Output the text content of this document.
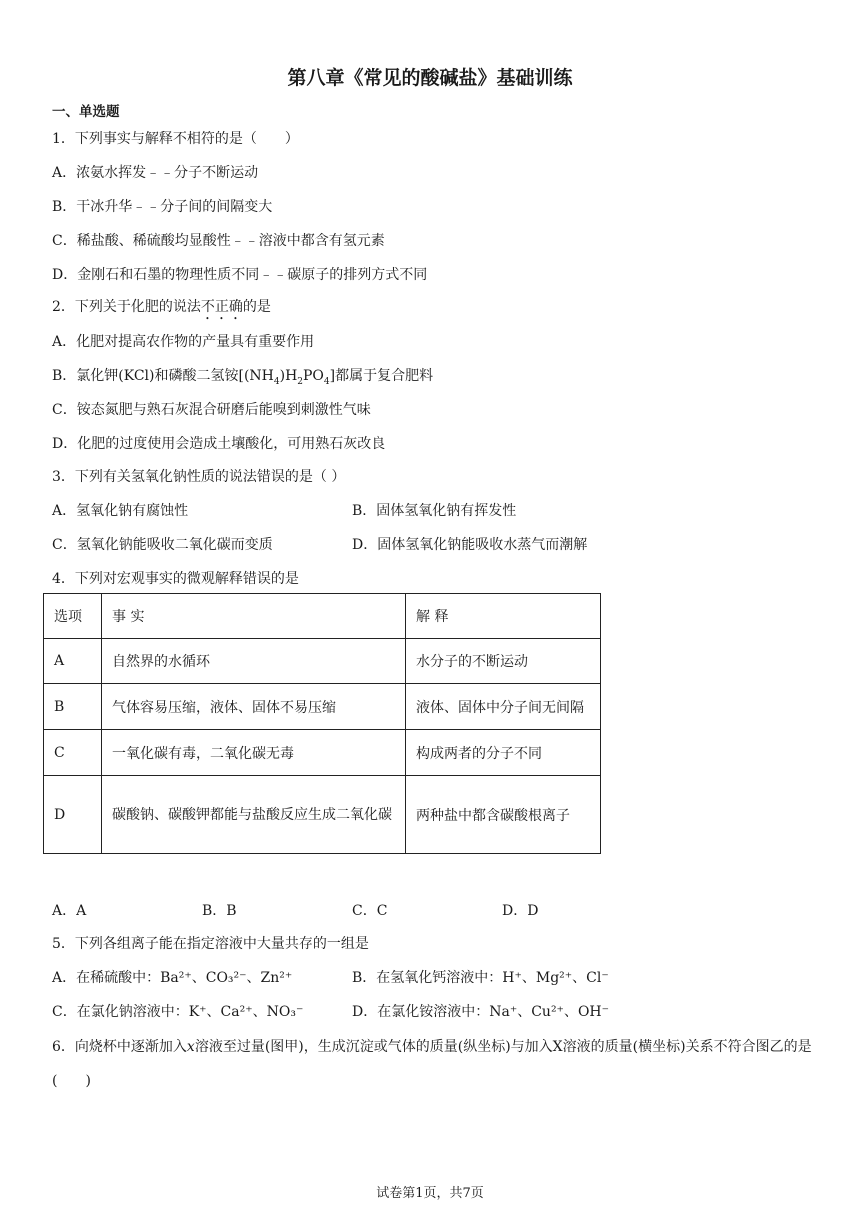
第八章《常见的酸碱盐》基础训练
一、单选题
1．下列事实与解释不相符的是（　　）
A．浓氨水挥发﹣﹣分子不断运动
B．干冰升华﹣﹣分子间的间隔变大
C．稀盐酸、稀硫酸均显酸性﹣﹣溶液中都含有氢元素
D．金刚石和石墨的物理性质不同﹣﹣碳原子的排列方式不同
2．下列关于化肥的说法不正确的是
A．化肥对提高农作物的产量具有重要作用
B．氯化钾(KCl)和磷酸二氢铵$[(NH_4)H_2PO_4]$都属于复合肥料
C．铵态氮肥与熟石灰混合研磨后能嗅到刺激性气味
D．化肥的过度使用会造成土壤酸化，可用熟石灰改良
3．下列有关氢氧化钠性质的说法错误的是（ ）
A．氢氧化钠有腐蚀性	B．固体氢氧化钠有挥发性
C．氢氧化钠能吸收二氧化碳而变质	D．固体氢氧化钠能吸收水蒸气而潮解
4．下列对宏观事实的微观解释错误的是
选项	事 实	解 释
A	自然界的水循环	水分子的不断运动
B	气体容易压缩，液体、固体不易压缩	液体、固体中分子间无间隔
C	一氧化碳有毒，二氧化碳无毒	构成两者的分子不同
D	碳酸钠、碳酸钾都能与盐酸反应生成二氧化碳	两种盐中都含碳酸根离子
A．A	B．B	C．C	D．D
5．下列各组离子能在指定溶液中大量共存的一组是
A．在稀硫酸中：Ba²⁺、CO₃²⁻、Zn²⁺	B．在氢氧化钙溶液中：H⁺、Mg²⁺、Cl⁻
C．在氯化钠溶液中：K⁺、Ca²⁺、NO₃⁻	D．在氯化铵溶液中：Na⁺、Cu²⁺、OH⁻
6．向烧杯中逐渐加入x溶液至过量(图甲)，生成沉淀或气体的质量(纵坐标)与加入X溶液的质量(横坐标)关系不符合图乙的是(　　)
试卷第1页，共7页
